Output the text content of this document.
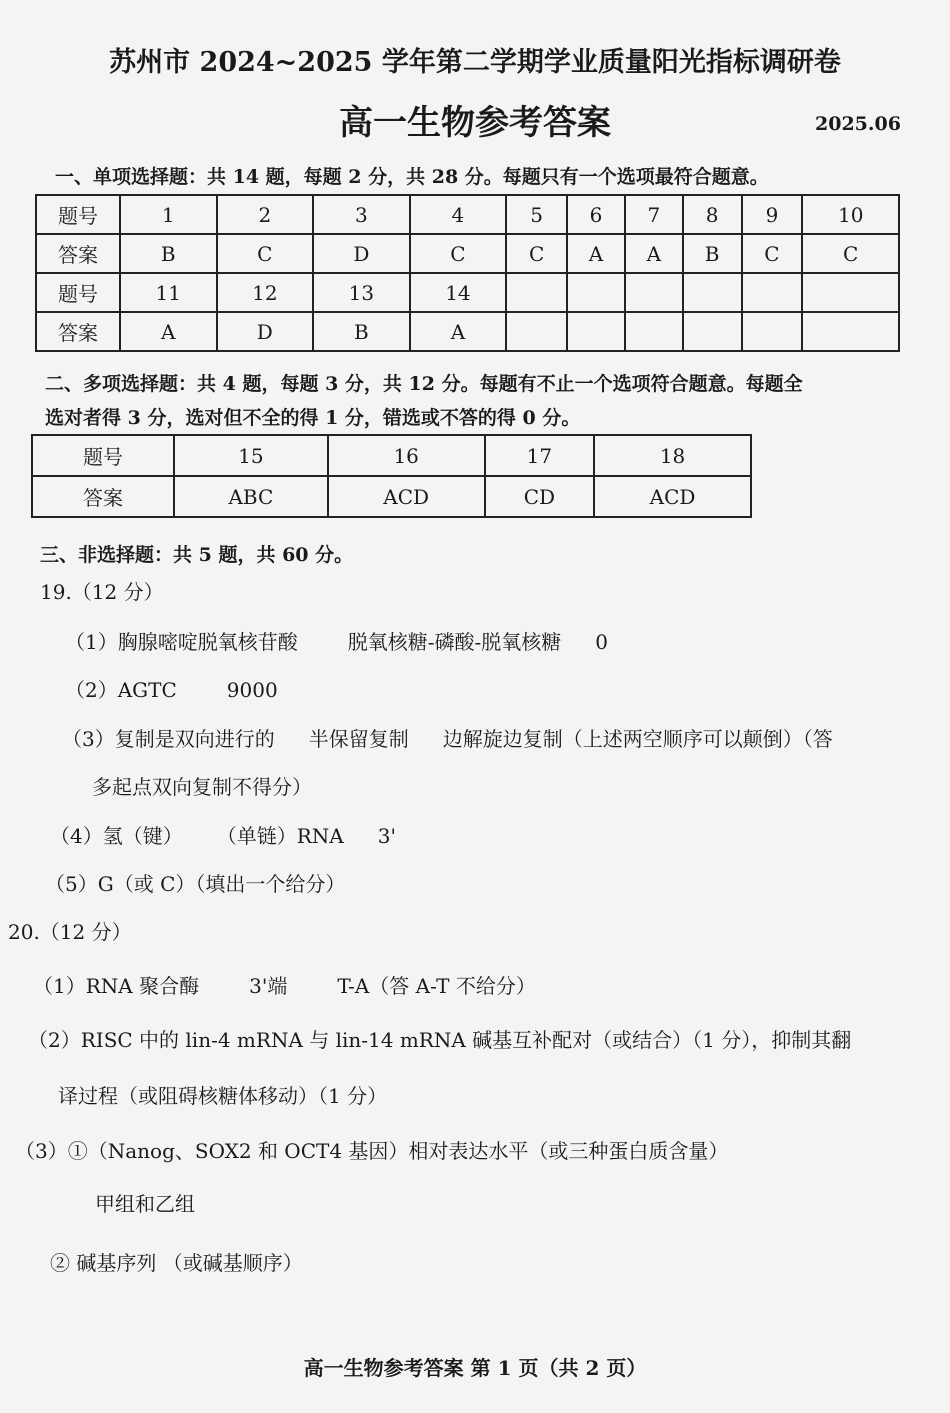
苏州市 2024~2025 学年第二学期学业质量阳光指标调研卷
高一生物参考答案	2025.06
一、单项选择题：共 14 题，每题 2 分，共 28 分。每题只有一个选项最符合题意。
题号	1	2	3	4	5	6	7	8	9	10
答案	B	C	D	C	C	A	A	B	C	C
题号	11	12	13	14						
答案	A	D	B	A						
二、多项选择题：共 4 题，每题 3 分，共 12 分。每题有不止一个选项符合题意。每题全
选对者得 3 分，选对但不全的得 1 分，错选或不答的得 0 分。
题号	15	16	17	18
答案	ABC	ACD	CD	ACD
三、非选择题：共 5 题，共 60 分。
19.（12 分）
（1）胸腺嘧啶脱氧核苷酸	脱氧核糖-磷酸-脱氧核糖 0
（2）AGTC	9000
（3）复制是双向进行的 半保留复制 边解旋边复制（上述两空顺序可以颠倒）（答
多起点双向复制不得分）
（4）氢（键） （单链）RNA 3'
（5）G（或 C）（填出一个给分）
20.（12 分）
（1）RNA 聚合酶	3'端	T-A（答 A-T 不给分）
（2）RISC 中的 lin-4 mRNA 与 lin-14 mRNA 碱基互补配对（或结合）（1 分），抑制其翻
译过程（或阻碍核糖体移动）（1 分）
（3）①（Nanog、SOX2 和 OCT4 基因）相对表达水平（或三种蛋白质含量）
甲组和乙组
② 碱基序列 （或碱基顺序）
高一生物参考答案 第 1 页（共 2 页）
